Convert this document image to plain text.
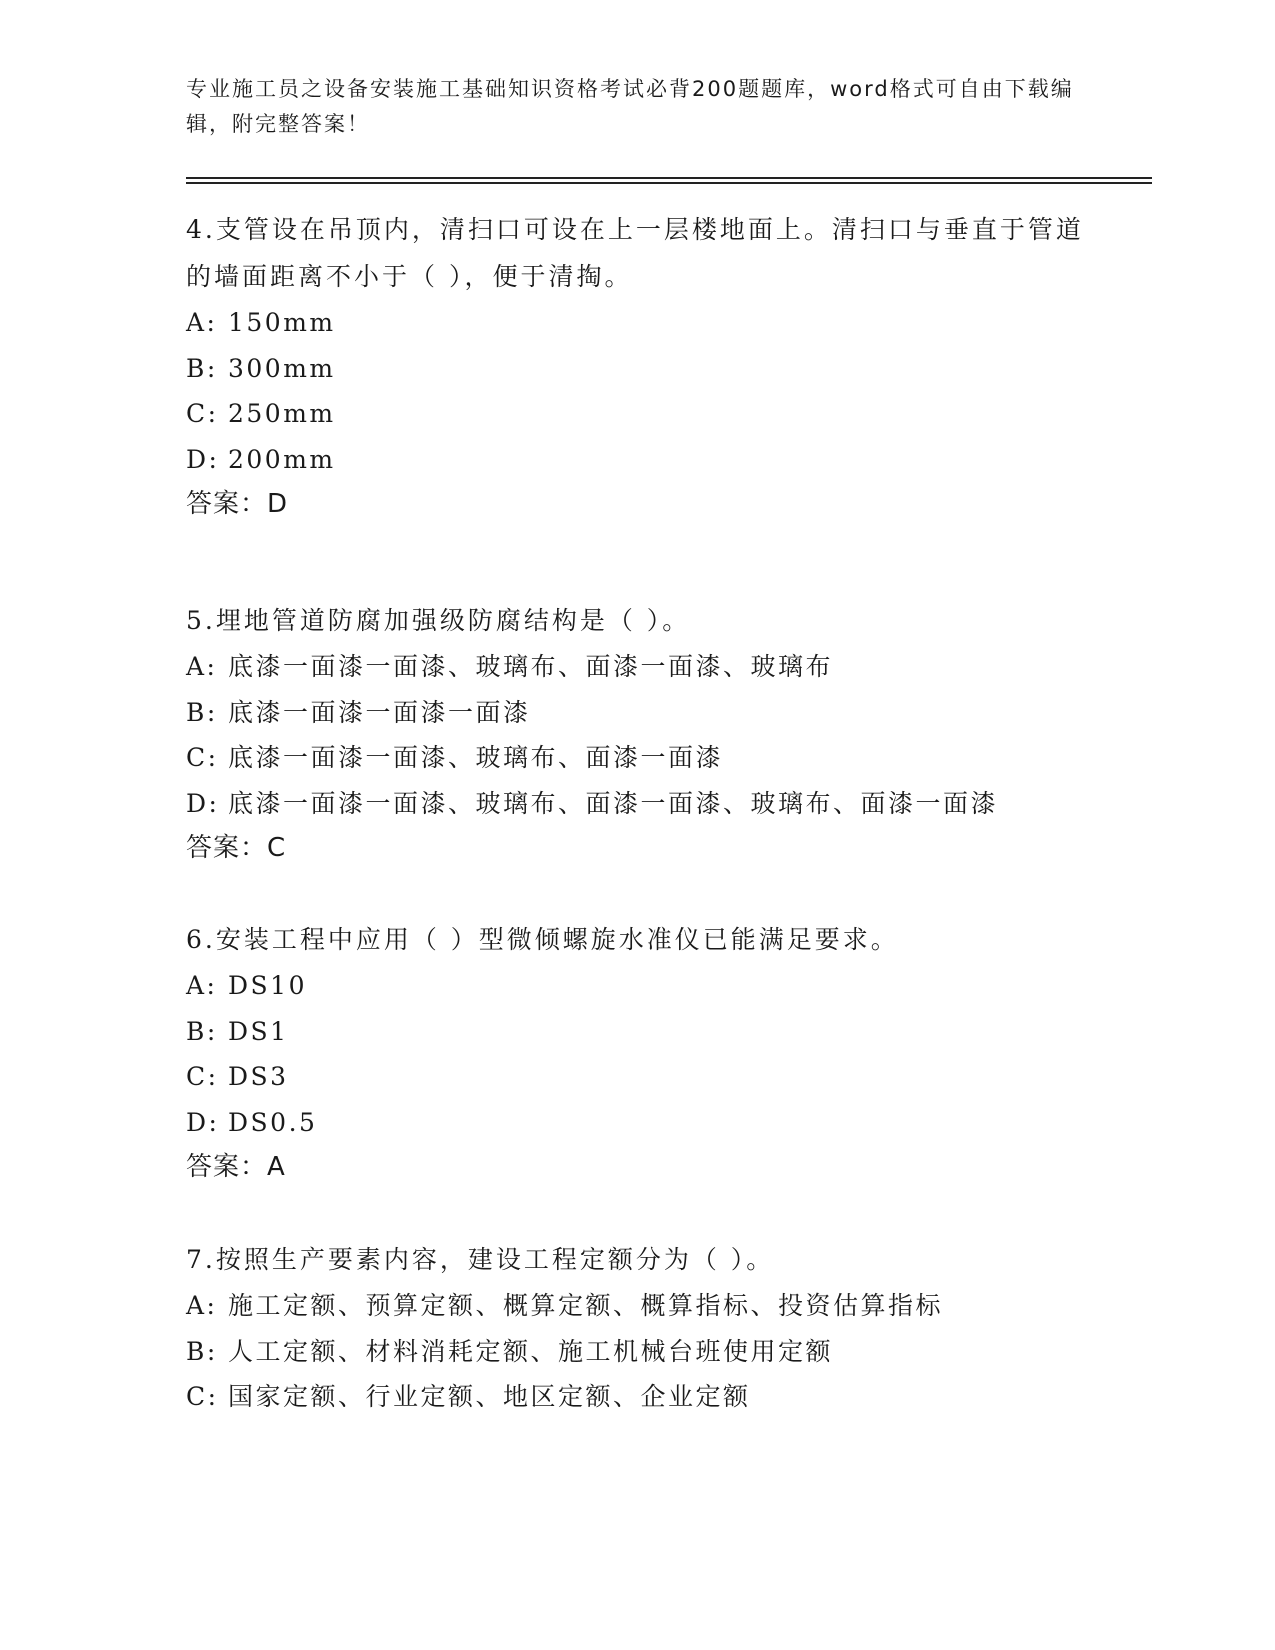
专业施工员之设备安装施工基础知识资格考试必背200题题库，word格式可自由下载编辑，附完整答案！
4.支管设在吊顶内，清扫口可设在上一层楼地面上。清扫口与垂直于管道的墙面距离不小于（ ），便于清掏。
A: 150mm
B: 300mm
C: 250mm
D: 200mm
答案：D
5.埋地管道防腐加强级防腐结构是（ ）。
A: 底漆一面漆一面漆、玻璃布、面漆一面漆、玻璃布
B: 底漆一面漆一面漆一面漆
C: 底漆一面漆一面漆、玻璃布、面漆一面漆
D: 底漆一面漆一面漆、玻璃布、面漆一面漆、玻璃布、面漆一面漆
答案：C
6.安装工程中应用（ ）型微倾螺旋水准仪已能满足要求。
A: DS10
B: DS1
C: DS3
D: DS0.5
答案：A
7.按照生产要素内容，建设工程定额分为（ ）。
A: 施工定额、预算定额、概算定额、概算指标、投资估算指标
B: 人工定额、材料消耗定额、施工机械台班使用定额
C: 国家定额、行业定额、地区定额、企业定额
